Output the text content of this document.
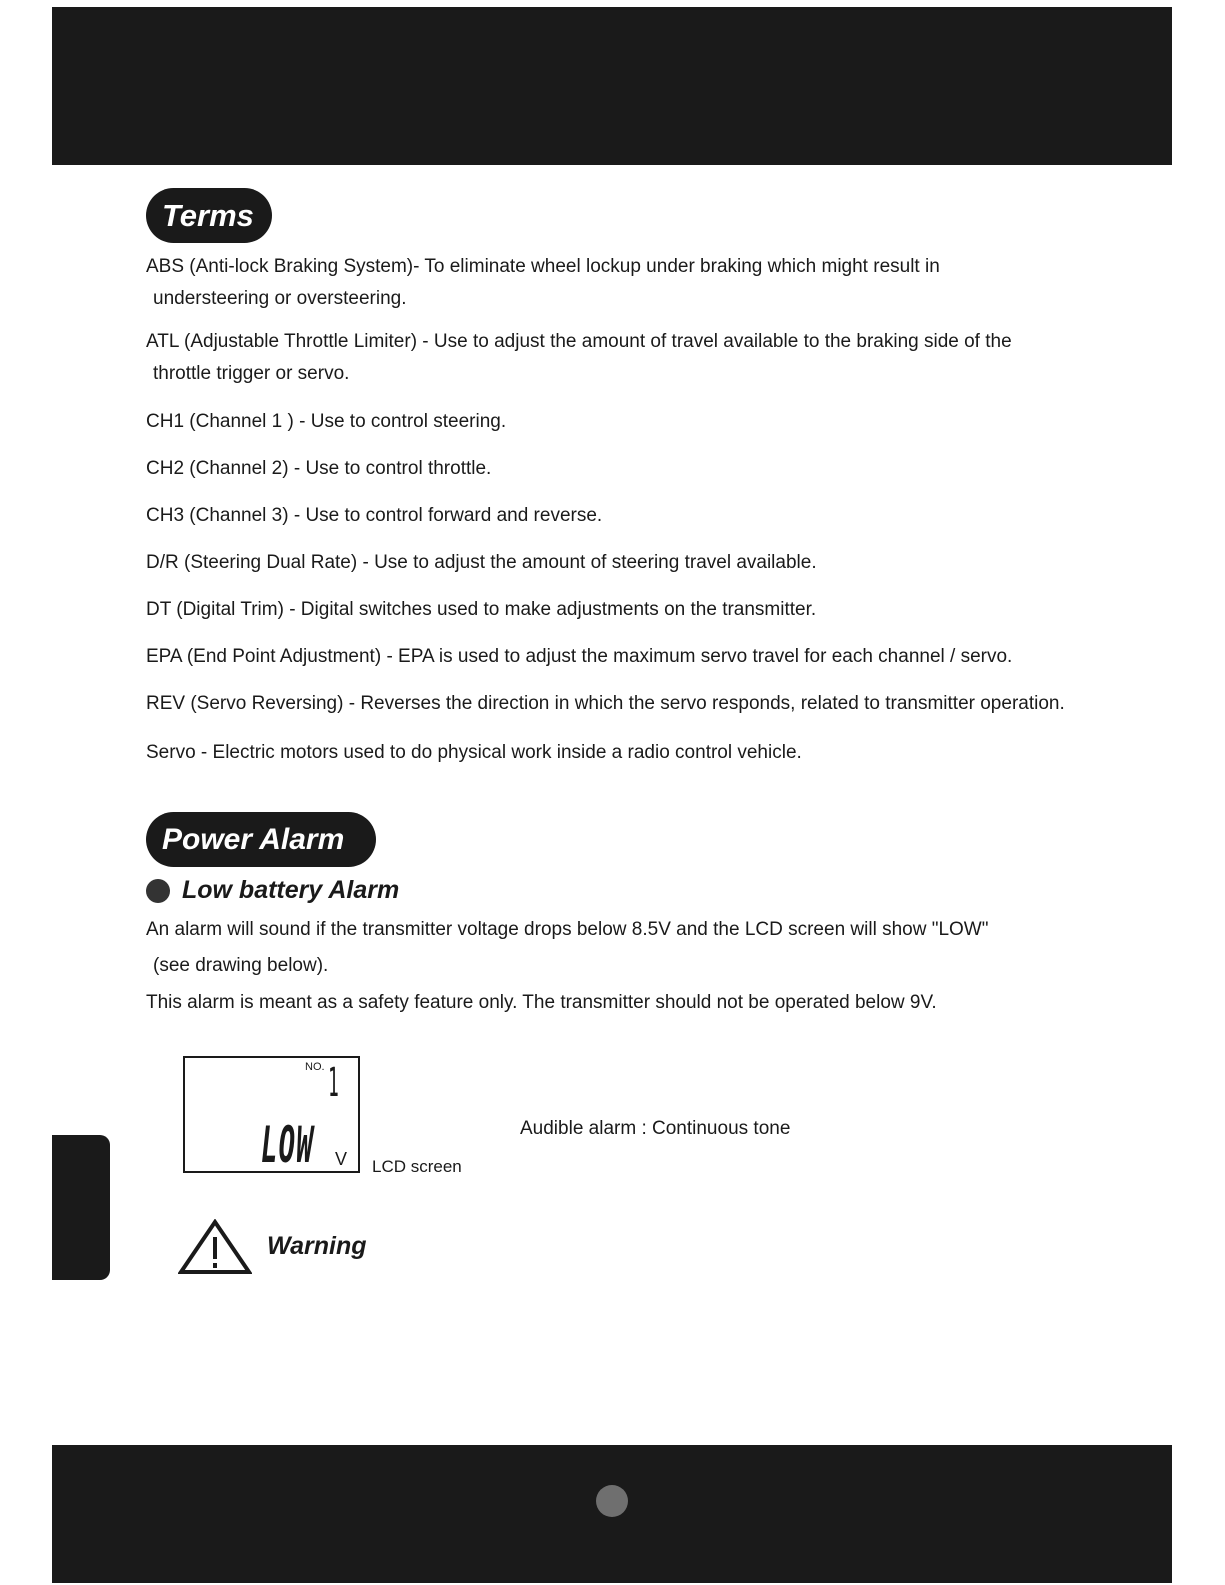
Terms

ABS (Anti-lock Braking System)- To eliminate wheel lockup under braking which might result in
understeering or oversteering.

ATL (Adjustable Throttle Limiter) - Use to adjust the amount of travel available to the braking side of the
throttle trigger or servo.

CH1 (Channel 1 ) - Use to control steering.

CH2 (Channel 2) - Use to control throttle.

CH3 (Channel 3) - Use to control forward and reverse.

D/R (Steering Dual Rate) - Use to adjust the amount of steering travel available.

DT (Digital Trim) - Digital switches used to make adjustments on the transmitter.

EPA (End Point Adjustment) - EPA is used to adjust the maximum servo travel for each channel / servo.

REV (Servo Reversing) - Reverses the direction in which the servo responds, related to transmitter operation.

Servo - Electric motors used to do physical work inside a radio control vehicle.

Power Alarm
Low battery Alarm

An alarm will sound if the transmitter voltage drops below 8.5V and the LCD screen will show "LOW"
(see drawing below).

This alarm is meant as a safety feature only. The transmitter should not be operated below 9V.

NO. 1
LOW V LCD screen
Audible alarm : Continuous tone
Warning
